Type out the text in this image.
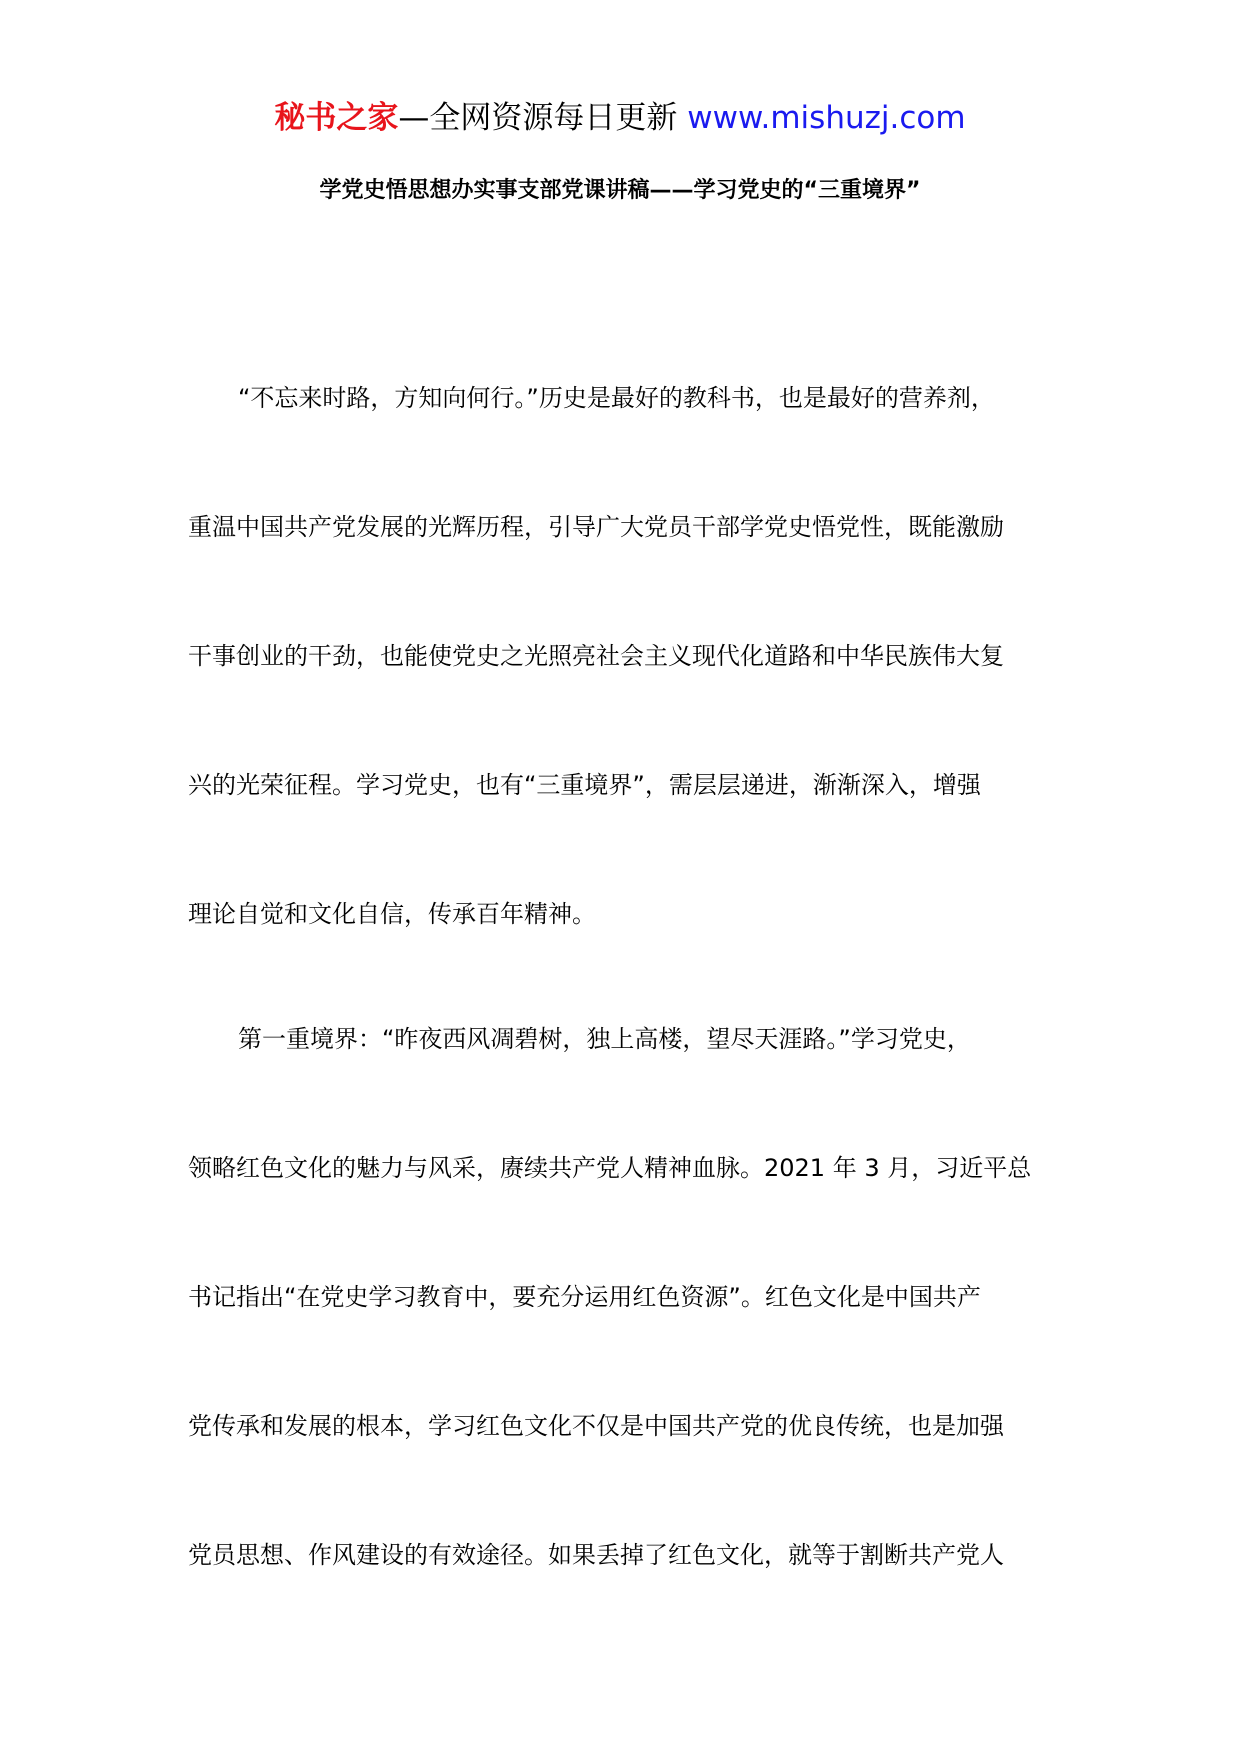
秘书之家—全网资源每日更新 www.mishuzj.com
学党史悟思想办实事支部党课讲稿——学习党史的“三重境界”
“不忘来时路，方知向何行。”历史是最好的教科书，也是最好的营养剂，
重温中国共产党发展的光辉历程，引导广大党员干部学党史悟党性，既能激励
干事创业的干劲，也能使党史之光照亮社会主义现代化道路和中华民族伟大复
兴的光荣征程。学习党史，也有“三重境界”，需层层递进，渐渐深入，增强
理论自觉和文化自信，传承百年精神。
第一重境界：“昨夜西风凋碧树，独上高楼，望尽天涯路。”学习党史，
领略红色文化的魅力与风采，赓续共产党人精神血脉。2021 年 3 月，习近平总
书记指出“在党史学习教育中，要充分运用红色资源”。红色文化是中国共产
党传承和发展的根本，学习红色文化不仅是中国共产党的优良传统，也是加强
党员思想、作风建设的有效途径。如果丢掉了红色文化，就等于割断共产党人
